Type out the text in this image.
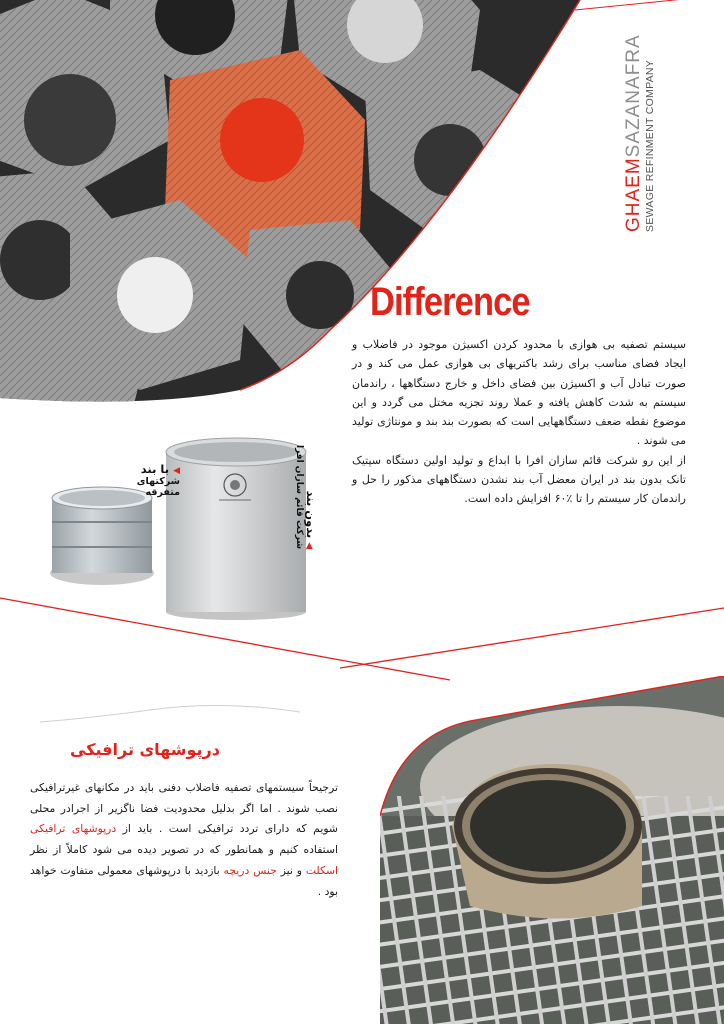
GHAEMSAZANAFRA SEWAGE REFINMENT COMPANY
Difference

سیستم تصفیه بی هوازی با محدود کردن اکسیژن موجود در فاضلاب و ایجاد فضای مناسب برای رشد باکتریهای بی هوازی عمل می کند و در صورت تبادل آب و اکسیژن بین فضای داخل و خارج دستگاهها ، راندمان سیستم به شدت کاهش یافته و عملا روند تجزیه مختل می گردد و این موضوع نقطه ضعف دستگاههایی است که بصورت بند بند و مونتاژی تولید می شوند .

از این رو شرکت قائم سازان افرا با ابداع و تولید اولین دستگاه سپتیک تانک بدون بند در ایران معضل آب بند نشدن دستگاههای مذکور را حل و راندمان کار سیستم را تا ٪۶۰ افزایش داده است.

◀ با بند
شرکتهای متفرقه
◀ بدون بند
شرکت قائم سازان افرا
درپوشهای ترافیکی

ترجیحاً سیستمهای تصفیه فاضلاب دفنی باید در مکانهای غیرترافیکی نصب شوند . اما اگر بدلیل محدودیت فضا ناگزیر از اجرادر محلی شویم که دارای تردد ترافیکی است . باید از درپوشهای ترافیکی استفاده کنیم و همانطور که در تصویر دیده می شود کاملاً از نظر اسکلت و نیز جنس دریچه بازدید با درپوشهای معمولی متفاوت خواهد بود .
